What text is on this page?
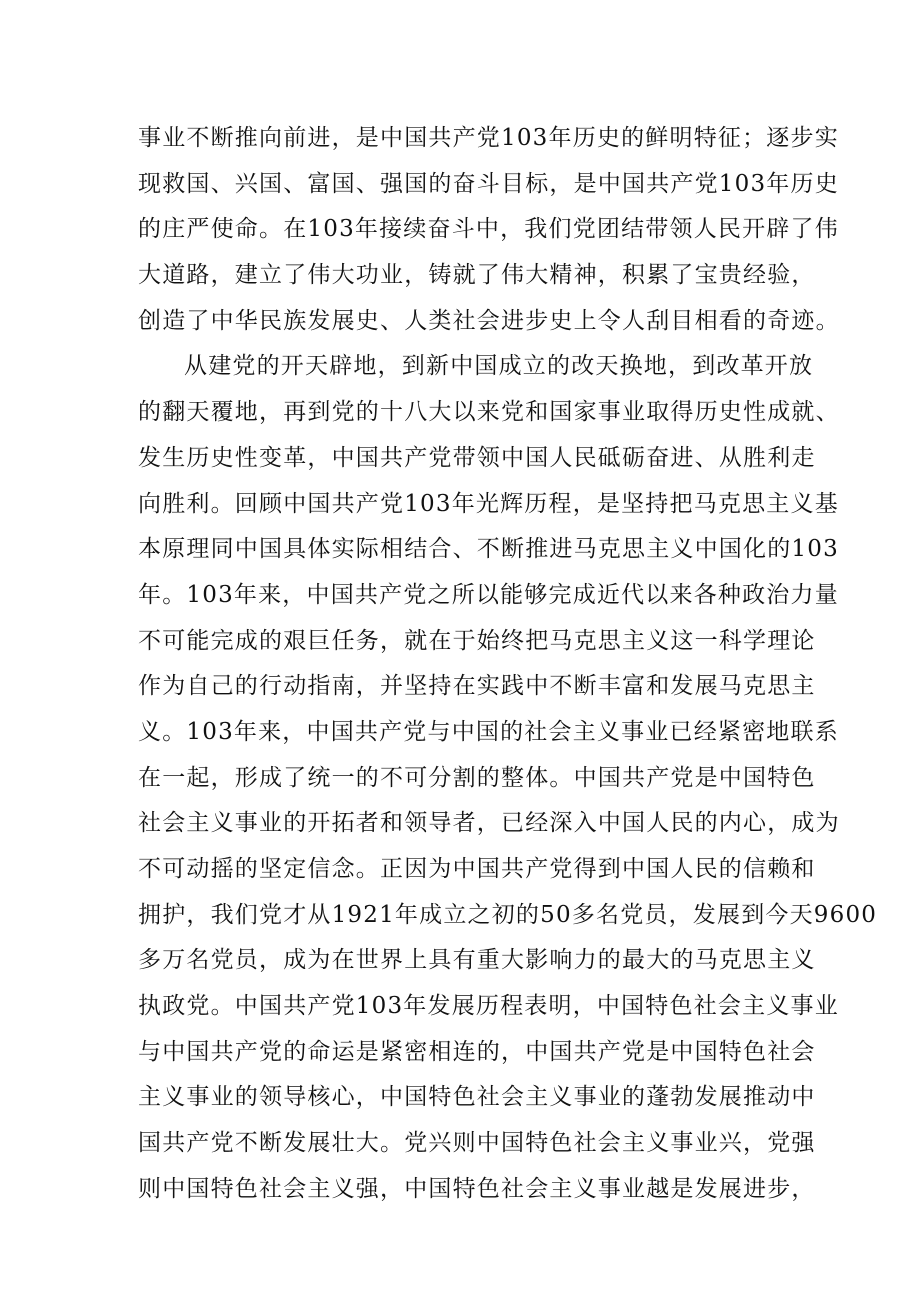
事业不断推向前进，是中国共产党103年历史的鲜明特征；逐步实
现救国、兴国、富国、强国的奋斗目标，是中国共产党103年历史
的庄严使命。在103年接续奋斗中，我们党团结带领人民开辟了伟
大道路，建立了伟大功业，铸就了伟大精神，积累了宝贵经验，
创造了中华民族发展史、人类社会进步史上令人刮目相看的奇迹。
从建党的开天辟地，到新中国成立的改天换地，到改革开放
的翻天覆地，再到党的十八大以来党和国家事业取得历史性成就、
发生历史性变革，中国共产党带领中国人民砥砺奋进、从胜利走
向胜利。回顾中国共产党103年光辉历程，是坚持把马克思主义基
本原理同中国具体实际相结合、不断推进马克思主义中国化的103
年。103年来，中国共产党之所以能够完成近代以来各种政治力量
不可能完成的艰巨任务，就在于始终把马克思主义这一科学理论
作为自己的行动指南，并坚持在实践中不断丰富和发展马克思主
义。103年来，中国共产党与中国的社会主义事业已经紧密地联系
在一起，形成了统一的不可分割的整体。中国共产党是中国特色
社会主义事业的开拓者和领导者，已经深入中国人民的内心，成为
不可动摇的坚定信念。正因为中国共产党得到中国人民的信赖和
拥护，我们党才从1921年成立之初的50多名党员，发展到今天9600
多万名党员，成为在世界上具有重大影响力的最大的马克思主义
执政党。中国共产党103年发展历程表明，中国特色社会主义事业
与中国共产党的命运是紧密相连的，中国共产党是中国特色社会
主义事业的领导核心，中国特色社会主义事业的蓬勃发展推动中
国共产党不断发展壮大。党兴则中国特色社会主义事业兴，党强
则中国特色社会主义强，中国特色社会主义事业越是发展进步，
